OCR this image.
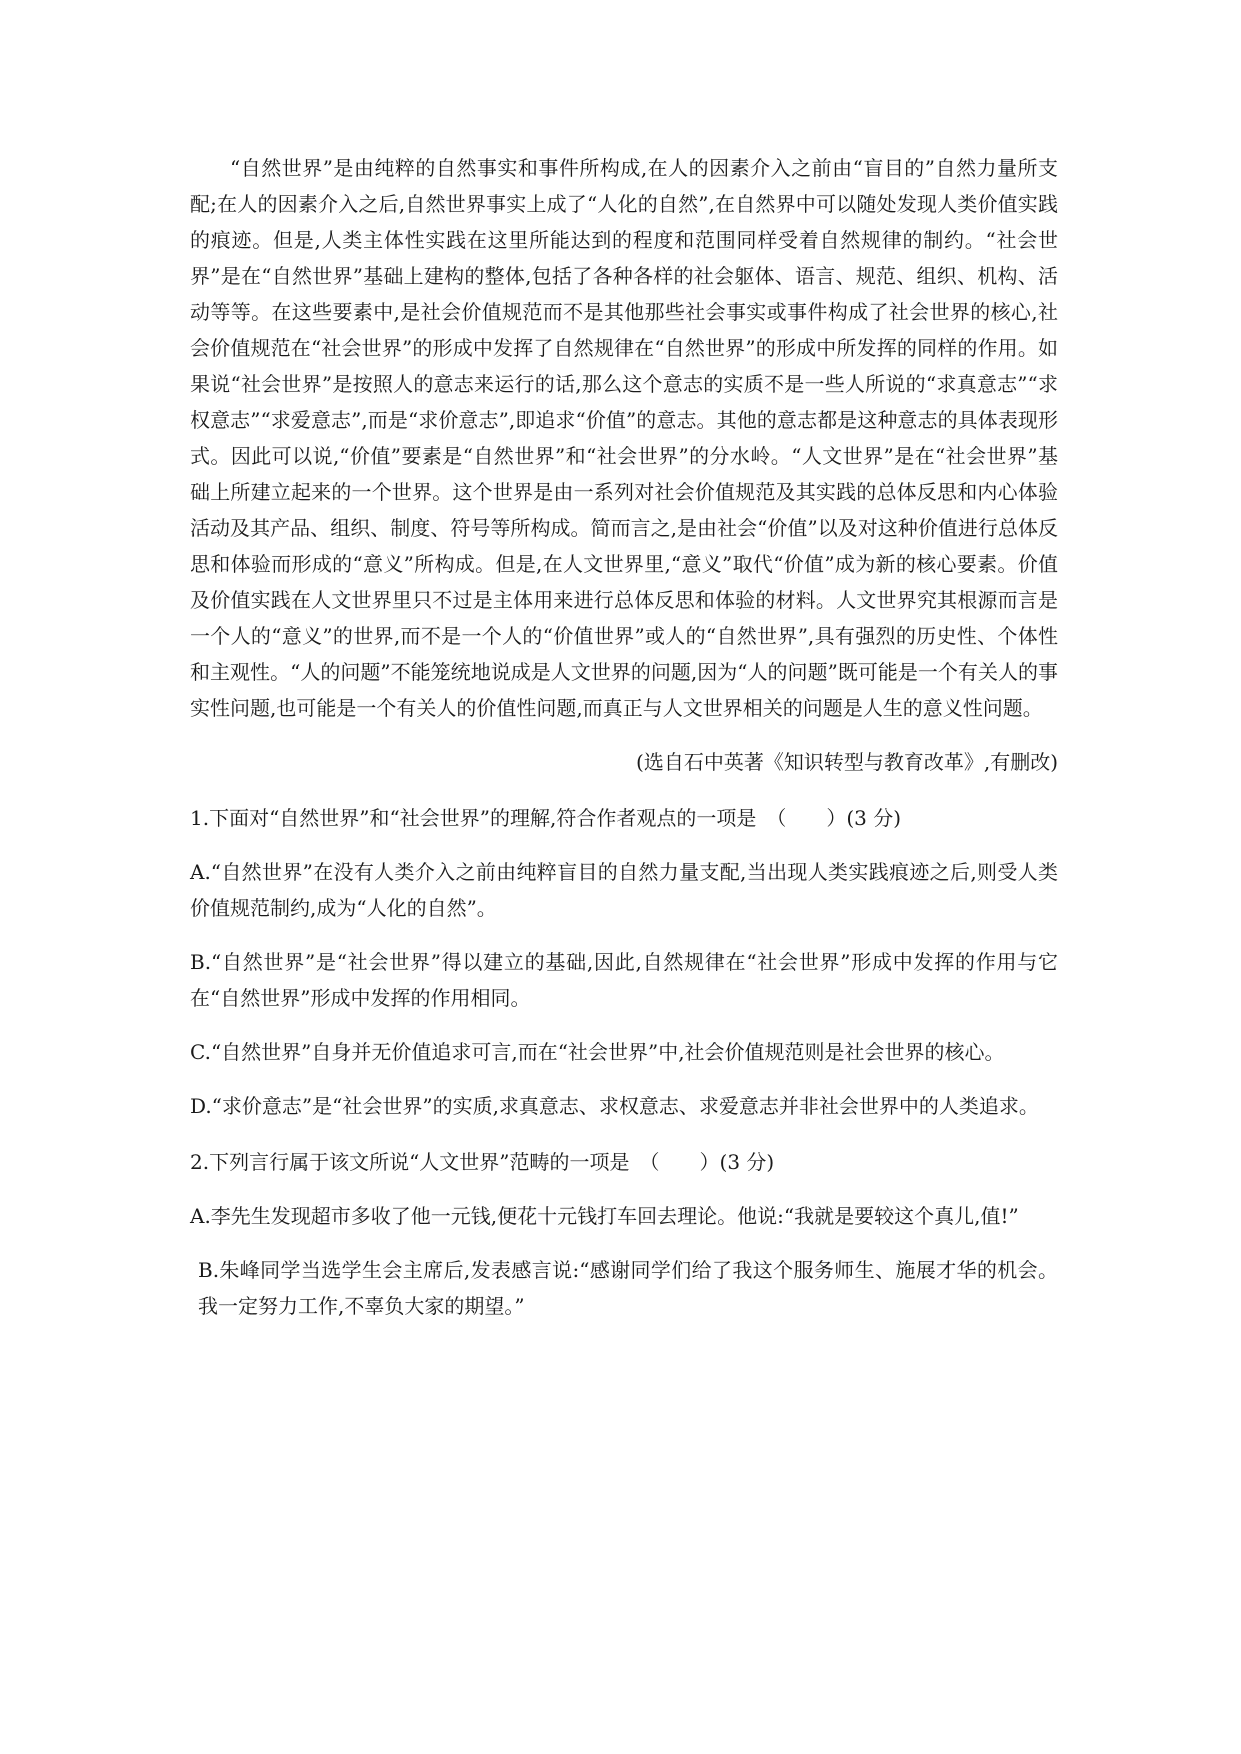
“自然世界”是由纯粹的自然事实和事件所构成,在人的因素介入之前由“盲目的”自然力量所支配;在人的因素介入之后,自然世界事实上成了“人化的自然”,在自然界中可以随处发现人类价值实践的痕迹。但是,人类主体性实践在这里所能达到的程度和范围同样受着自然规律的制约。“社会世界”是在“自然世界”基础上建构的整体,包括了各种各样的社会躯体、语言、规范、组织、机构、活动等等。在这些要素中,是社会价值规范而不是其他那些社会事实或事件构成了社会世界的核心,社会价值规范在“社会世界”的形成中发挥了自然规律在“自然世界”的形成中所发挥的同样的作用。如果说“社会世界”是按照人的意志来运行的话,那么这个意志的实质不是一些人所说的“求真意志”“求权意志”“求爱意志”,而是“求价意志”,即追求“价值”的意志。其他的意志都是这种意志的具体表现形式。因此可以说,“价值”要素是“自然世界”和“社会世界”的分水岭。“人文世界”是在“社会世界”基础上所建立起来的一个世界。这个世界是由一系列对社会价值规范及其实践的总体反思和内心体验活动及其产品、组织、制度、符号等所构成。简而言之,是由社会“价值”以及对这种价值进行总体反思和体验而形成的“意义”所构成。但是,在人文世界里,“意义”取代“价值”成为新的核心要素。价值及价值实践在人文世界里只不过是主体用来进行总体反思和体验的材料。人文世界究其根源而言是一个人的“意义”的世界,而不是一个人的“价值世界”或人的“自然世界”,具有强烈的历史性、个体性和主观性。“人的问题”不能笼统地说成是人文世界的问题,因为“人的问题”既可能是一个有关人的事实性问题,也可能是一个有关人的价值性问题,而真正与人文世界相关的问题是人生的意义性问题。

(选自石中英著《知识转型与教育改革》,有删改)

1.下面对“自然世界”和“社会世界”的理解,符合作者观点的一项是　（　　）(3 分)

A.“自然世界”在没有人类介入之前由纯粹盲目的自然力量支配,当出现人类实践痕迹之后,则受人类价值规范制约,成为“人化的自然”。

B.“自然世界”是“社会世界”得以建立的基础,因此,自然规律在“社会世界”形成中发挥的作用与它在“自然世界”形成中发挥的作用相同。

C.“自然世界”自身并无价值追求可言,而在“社会世界”中,社会价值规范则是社会世界的核心。

D.“求价意志”是“社会世界”的实质,求真意志、求权意志、求爱意志并非社会世界中的人类追求。

2.下列言行属于该文所说“人文世界”范畴的一项是　（　　）(3 分)

A.李先生发现超市多收了他一元钱,便花十元钱打车回去理论。他说:“我就是要较这个真儿,值!”

B.朱峰同学当选学生会主席后,发表感言说:“感谢同学们给了我这个服务师生、施展才华的机会。我一定努力工作,不辜负大家的期望。”
